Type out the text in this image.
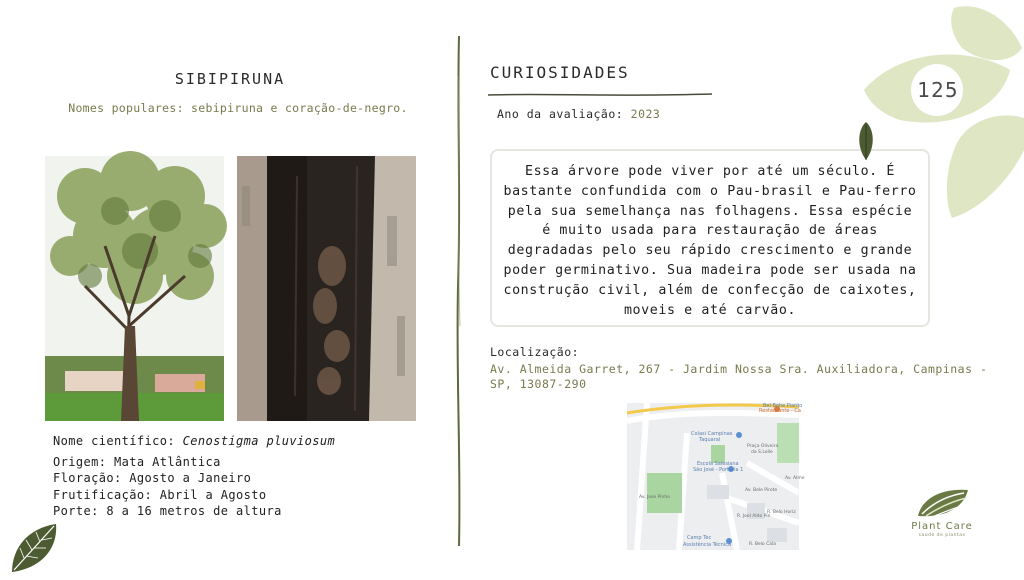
SIBIPIRUNA
Nomes populares: sebipiruna e coração-de-negro.
Nome científico: Cenostigma pluviosum
Origem: Mata Atlântica
Floração: Agosto a Janeiro
Frutificação: Abril a Agosto
Porte: 8 a 16 metros de altura
CURIOSIDADES
Ano da avaliação: 2023
Essa árvore pode viver por até um século. É bastante confundida com o Pau-brasil e Pau-ferro pela sua semelhança nas folhagens. Essa espécie é muito usada para restauração de áreas degradadas pelo seu rápido crescimento e grande poder germinativo. Sua madeira pode ser usada na construção civil, além de confecção de caixotes, moveis e até carvão.
Localização:
Av. Almeida Garret, 267 - Jardim Nossa Sra. Auxiliadora, Campinas - SP, 13087-290
Bel Bohe Pianto
Restaurante - Ca
Colasi Campinas
Taquaral
Escola Salesiana
São José - Portaria 1
Camp Tec
Assistência Técnica
Praça Oliveira
da S.Lolle
Av. Alme
Av. Bele Pirote
R. Joel Aldo Pin
R. Belo Horiz
R. Belo Cala
Av. Jose Pinho
125
Plant Care
saúde de plantas
